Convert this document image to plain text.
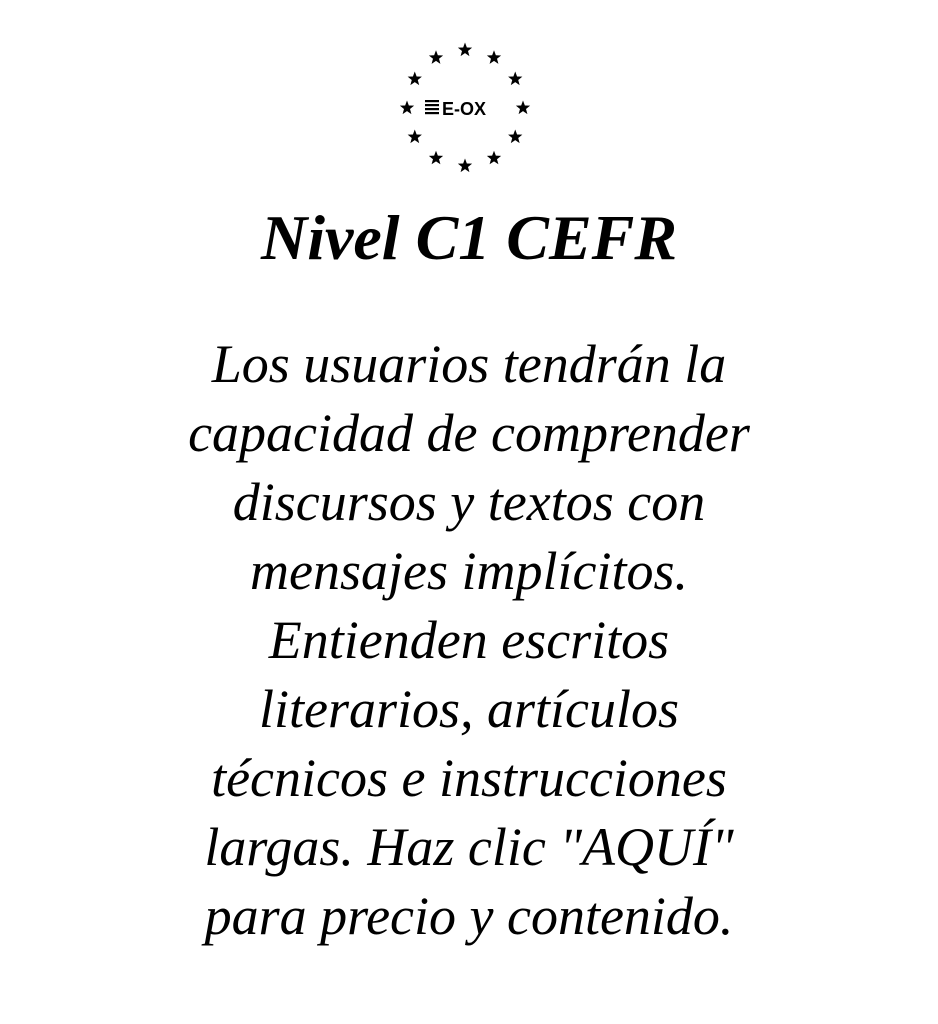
E-OX
Nivel C1 CEFR
Los usuarios tendrán la
capacidad de comprender
discursos y textos con
mensajes implícitos.
Entienden escritos
literarios, artículos
técnicos e instrucciones
largas. Haz clic "AQUÍ"
para precio y contenido.
